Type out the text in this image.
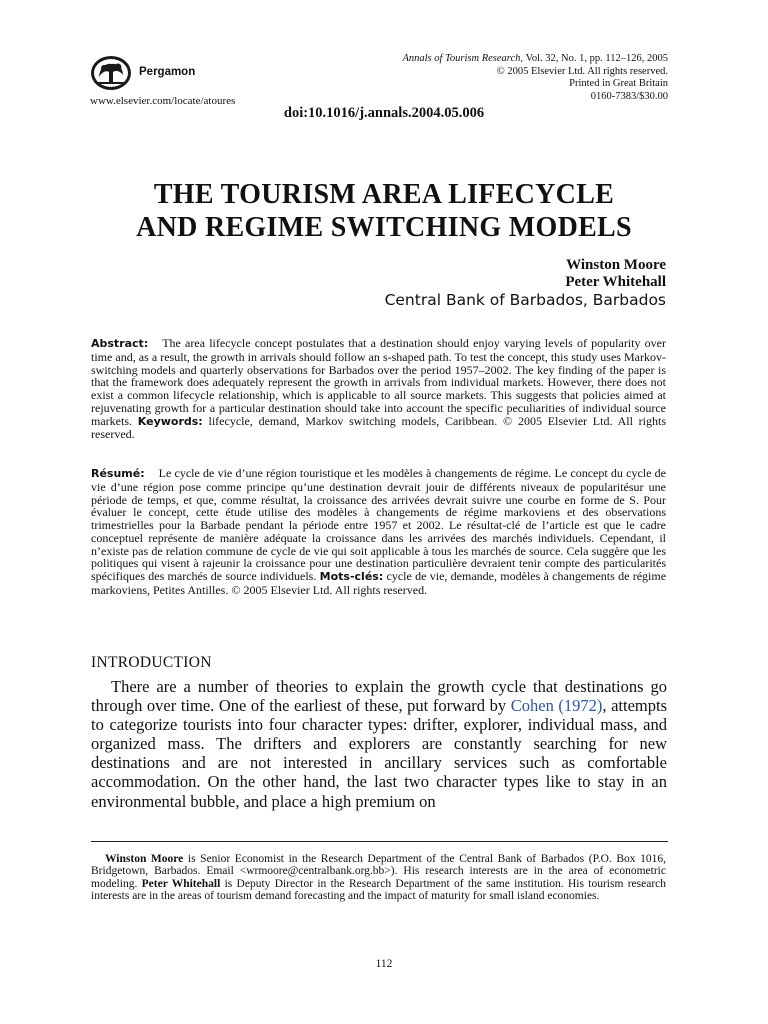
Pergamon
www.elsevier.com/locate/atoures
Annals of Tourism Research, Vol. 32, No. 1, pp. 112–126, 2005
© 2005 Elsevier Ltd. All rights reserved.
Printed in Great Britain
0160-7383/$30.00
doi:10.1016/j.annals.2004.05.006
THE TOURISM AREA LIFECYCLE
AND REGIME SWITCHING MODELS
Winston Moore
Peter Whitehall
Central Bank of Barbados, Barbados
Abstract: The area lifecycle concept postulates that a destination should enjoy varying levels of popularity over time and, as a result, the growth in arrivals should follow an s-shaped path. To test the concept, this study uses Markov-switching models and quarterly observations for Barbados over the period 1957–2002. The key finding of the paper is that the framework does adequately represent the growth in arrivals from individual markets. However, there does not exist a common lifecycle relationship, which is applicable to all source markets. This suggests that policies aimed at rejuvenating growth for a particular destination should take into account the specific peculiarities of individual source markets. Keywords: lifecycle, demand, Markov switching models, Caribbean. © 2005 Elsevier Ltd. All rights reserved.
Résumé: Le cycle de vie d’une région touristique et les modèles à changements de régime. Le concept du cycle de vie d’une région pose comme principe qu’une destination devrait jouir de différents niveaux de popularitésur une période de temps, et que, comme résultat, la croissance des arrivées devrait suivre une courbe en forme de S. Pour évaluer le concept, cette étude utilise des modèles à changements de régime markoviens et des observations trimestrielles pour la Barbade pendant la période entre 1957 et 2002. Le résultat-clé de l’article est que le cadre conceptuel représente de manière adéquate la croissance dans les arrivées des marchés individuels. Cependant, il n’existe pas de relation commune de cycle de vie qui soit applicable à tous les marchés de source. Cela suggère que les politiques qui visent à rajeunir la croissance pour une destination particulière devraient tenir compte des particularités spécifiques des marchés de source individuels. Mots-clés: cycle de vie, demande, modèles à changements de régime markoviens, Petites Antilles. © 2005 Elsevier Ltd. All rights reserved.
INTRODUCTION
There are a number of theories to explain the growth cycle that destinations go through over time. One of the earliest of these, put forward by Cohen (1972), attempts to categorize tourists into four character types: drifter, explorer, individual mass, and organized mass. The drifters and explorers are constantly searching for new destinations and are not interested in ancillary services such as comfortable accommodation. On the other hand, the last two character types like to stay in an environmental bubble, and place a high premium on
Winston Moore is Senior Economist in the Research Department of the Central Bank of Barbados (P.O. Box 1016, Bridgetown, Barbados. Email <wrmoore@centralbank.org.bb>). His research interests are in the area of econometric modeling. Peter Whitehall is Deputy Director in the Research Department of the same institution. His tourism research interests are in the areas of tourism demand forecasting and the impact of maturity for small island economies.
112
